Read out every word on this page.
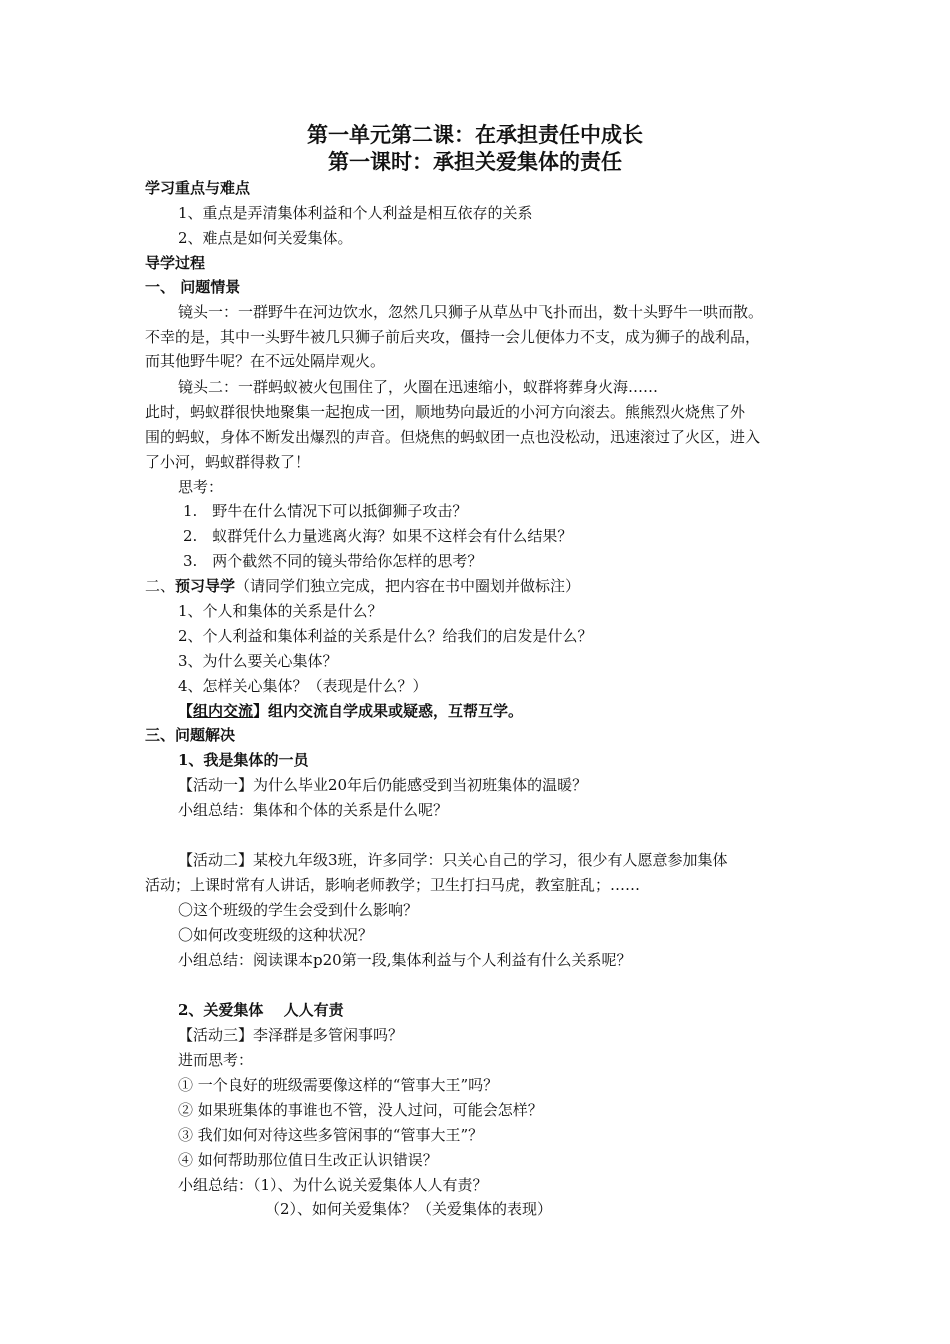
第一单元第二课：在承担责任中成长
第一课时：承担关爱集体的责任
学习重点与难点
1、重点是弄清集体利益和个人利益是相互依存的关系
2、难点是如何关爱集体。
导学过程
一、 问题情景
镜头一：一群野牛在河边饮水，忽然几只狮子从草丛中飞扑而出，数十头野牛一哄而散。
不幸的是，其中一头野牛被几只狮子前后夹攻，僵持一会儿便体力不支，成为狮子的战利品，
而其他野牛呢？在不远处隔岸观火。
镜头二：一群蚂蚁被火包围住了，火圈在迅速缩小，蚁群将葬身火海……
此时，蚂蚁群很快地聚集一起抱成一团，顺地势向最近的小河方向滚去。熊熊烈火烧焦了外
围的蚂蚁，身体不断发出爆烈的声音。但烧焦的蚂蚁团一点也没松动，迅速滚过了火区，进入
了小河，蚂蚁群得救了！
思考：
1.　野牛在什么情况下可以抵御狮子攻击？
2.　蚁群凭什么力量逃离火海？如果不这样会有什么结果？
3.　两个截然不同的镜头带给你怎样的思考？
二、预习导学（请同学们独立完成，把内容在书中圈划并做标注）
1、个人和集体的关系是什么？
2、个人利益和集体利益的关系是什么？给我们的启发是什么？
3、为什么要关心集体？
4、怎样关心集体？（表现是什么？）
【组内交流】组内交流自学成果或疑惑，互帮互学。
三、问题解决
1、我是集体的一员
【活动一】为什么毕业20年后仍能感受到当初班集体的温暖？
小组总结：集体和个体的关系是什么呢？
【活动二】某校九年级3班，许多同学：只关心自己的学习，很少有人愿意参加集体
活动；上课时常有人讲话，影响老师教学；卫生打扫马虎，教室脏乱；……
〇这个班级的学生会受到什么影响？
〇如何改变班级的这种状况？
小组总结：阅读课本p20第一段,集体利益与个人利益有什么关系呢？
2、关爱集体　 人人有责
【活动三】李泽群是多管闲事吗？
进而思考：
① 一个良好的班级需要像这样的“管事大王”吗？
② 如果班集体的事谁也不管，没人过问，可能会怎样？
③ 我们如何对待这些多管闲事的“管事大王”？
④ 如何帮助那位值日生改正认识错误？
小组总结：（1）、为什么说关爱集体人人有责？
（2）、如何关爱集体？（关爱集体的表现）
